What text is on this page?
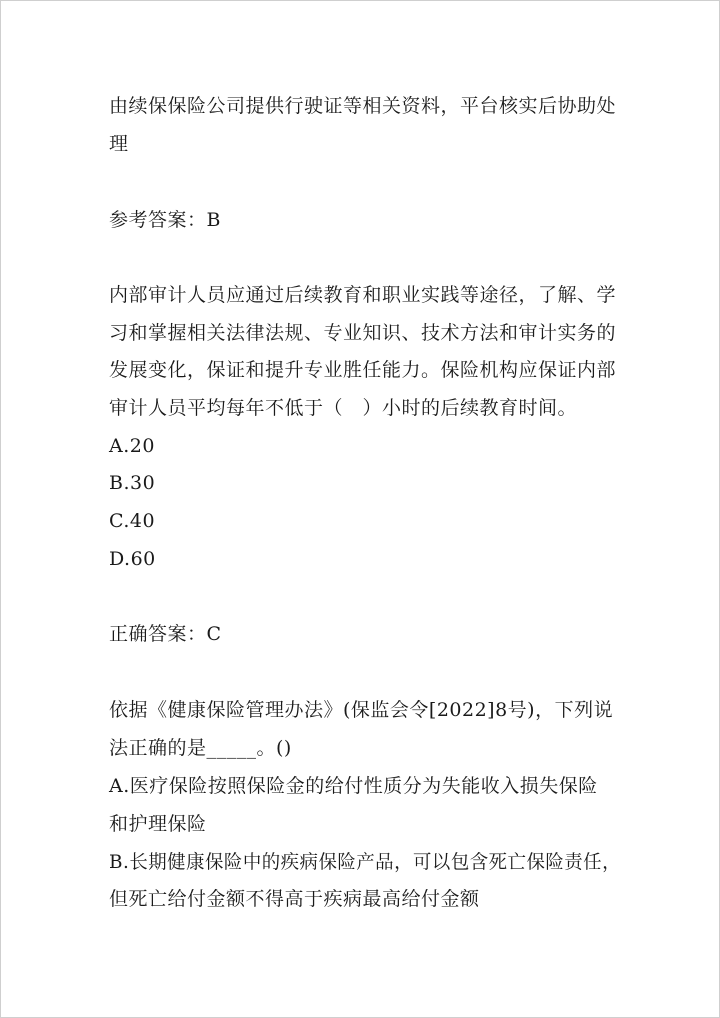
由续保保险公司提供行驶证等相关资料，平台核实后协助处
理
参考答案：B
内部审计人员应通过后续教育和职业实践等途径，了解、学
习和掌握相关法律法规、专业知识、技术方法和审计实务的
发展变化，保证和提升专业胜任能力。保险机构应保证内部
审计人员平均每年不低于（　）小时的后续教育时间。
A.20
B.30
C.40
D.60
正确答案：C
依据《健康保险管理办法》(保监会令[2022]8号)，下列说
法正确的是_____。()
A.医疗保险按照保险金的给付性质分为失能收入损失保险
和护理保险
B.长期健康保险中的疾病保险产品，可以包含死亡保险责任，
但死亡给付金额不得高于疾病最高给付金额
